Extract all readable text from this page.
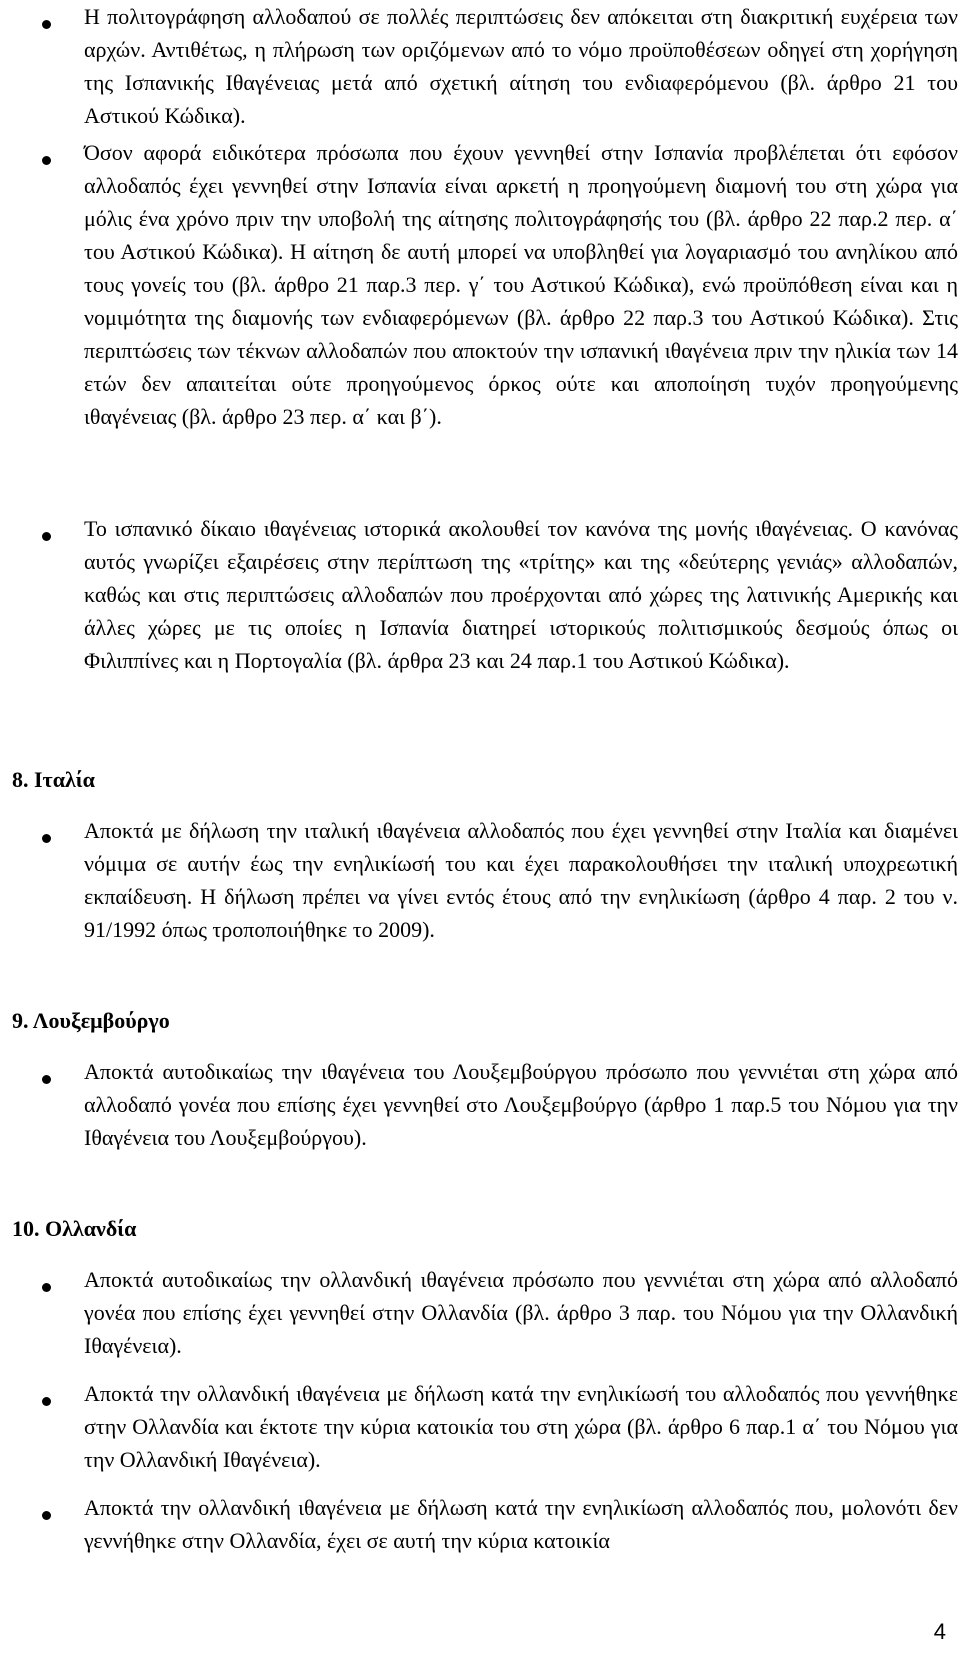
Η πολιτογράφηση αλλοδαπού σε πολλές περιπτώσεις δεν απόκειται στη διακριτική ευχέρεια των αρχών. Αντιθέτως, η πλήρωση των οριζόμενων από το νόμο προϋποθέσεων οδηγεί στη χορήγηση της Ισπανικής Ιθαγένειας μετά από σχετική αίτηση του ενδιαφερόμενου (βλ. άρθρο 21 του Αστικού Κώδικα).

Όσον αφορά ειδικότερα πρόσωπα που έχουν γεννηθεί στην Ισπανία προβλέπεται ότι εφόσον αλλοδαπός έχει γεννηθεί στην Ισπανία είναι αρκετή η προηγούμενη διαμονή του στη χώρα για μόλις ένα χρόνο πριν την υποβολή της αίτησης πολιτογράφησής του (βλ. άρθρο 22 παρ.2 περ. α΄ του Αστικού Κώδικα). Η αίτηση δε αυτή μπορεί να υποβληθεί για λογαριασμό του ανηλίκου από τους γονείς του (βλ. άρθρο 21 παρ.3 περ. γ΄ του Αστικού Κώδικα), ενώ προϋπόθεση είναι και η νομιμότητα της διαμονής των ενδιαφερόμενων (βλ. άρθρο 22 παρ.3 του Αστικού Κώδικα). Στις περιπτώσεις των τέκνων αλλοδαπών που αποκτούν την ισπανική ιθαγένεια πριν την ηλικία των 14 ετών δεν απαιτείται ούτε προηγούμενος όρκος ούτε και αποποίηση τυχόν προηγούμενης ιθαγένειας (βλ. άρθρο 23 περ. α΄ και β΄).

Το ισπανικό δίκαιο ιθαγένειας ιστορικά ακολουθεί τον κανόνα της μονής ιθαγένειας. Ο κανόνας αυτός γνωρίζει εξαιρέσεις στην περίπτωση της «τρίτης» και της «δεύτερης γενιάς» αλλοδαπών, καθώς και στις περιπτώσεις αλλοδαπών που προέρχονται από χώρες της λατινικής Αμερικής και άλλες χώρες με τις οποίες η Ισπανία διατηρεί ιστορικούς πολιτισμικούς δεσμούς όπως οι Φιλιππίνες και η Πορτογαλία (βλ. άρθρα 23 και 24 παρ.1 του Αστικού Κώδικα).

8. Ιταλία

Αποκτά με δήλωση την ιταλική ιθαγένεια αλλοδαπός που έχει γεννηθεί στην Ιταλία και διαμένει νόμιμα σε αυτήν έως την ενηλικίωσή του και έχει παρακολουθήσει την ιταλική υποχρεωτική εκπαίδευση. Η δήλωση πρέπει να γίνει εντός έτους από την ενηλικίωση (άρθρο 4 παρ. 2 του ν. 91/1992 όπως τροποποιήθηκε το 2009).

9. Λουξεμβούργο

Αποκτά αυτοδικαίως την ιθαγένεια του Λουξεμβούργου πρόσωπο που γεννιέται στη χώρα από αλλοδαπό γονέα που επίσης έχει γεννηθεί στο Λουξεμβούργο (άρθρο 1 παρ.5 του Νόμου για την Ιθαγένεια του Λουξεμβούργου).

10. Ολλανδία

Αποκτά αυτοδικαίως την ολλανδική ιθαγένεια πρόσωπο που γεννιέται στη χώρα από αλλοδαπό γονέα που επίσης έχει γεννηθεί στην Ολλανδία (βλ. άρθρο 3 παρ. του Νόμου για την Ολλανδική Ιθαγένεια).

Αποκτά την ολλανδική ιθαγένεια με δήλωση κατά την ενηλικίωσή του αλλοδαπός που γεννήθηκε στην Ολλανδία και έκτοτε την κύρια κατοικία του στη χώρα (βλ. άρθρο 6 παρ.1 α΄ του Νόμου για την Ολλανδική Ιθαγένεια).

Αποκτά την ολλανδική ιθαγένεια με δήλωση κατά την ενηλικίωση αλλοδαπός που, μολονότι δεν γεννήθηκε στην Ολλανδία, έχει σε αυτή την κύρια κατοικία

4
